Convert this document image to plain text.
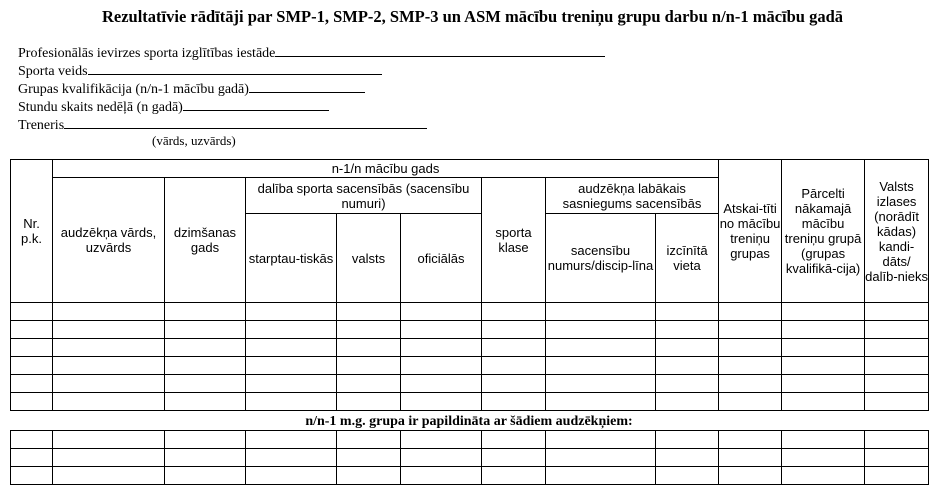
Rezultatīvie rādītāji par SMP-1, SMP-2, SMP-3 un ASM mācību treniņu grupu darbu n/n-1 mācību gadā
Profesionālās ievirzes sporta izglītības iestāde
Sporta veids
Grupas kvalifikācija (n/n-1 mācību gadā)
Stundu skaits nedēļā (n gadā)
Treneris
(vārds, uzvārds)
Nr. p.k.	n-1/n mācību gads								Atskai-tīti no mācību treniņu grupas	Pārcelti nākamajā mācību treniņu grupā (grupas kvalifikā-cija)	Valsts izlases (norādīt kādas) kandi-dāts/ dalīb-nieks
	audzēkņa vārds, uzvārds	dzimšanas gads	dalība sporta sacensībās (sacensību numuri)			sporta klase	audzēkņa labākais sasniegums sacensībās				
			starptau-tiskās	valsts	oficiālās		sacensību numurs/discip-līna	izcīnītā vieta			

n/n-1 m.g. grupa ir papildināta ar šādiem audzēkņiem:
